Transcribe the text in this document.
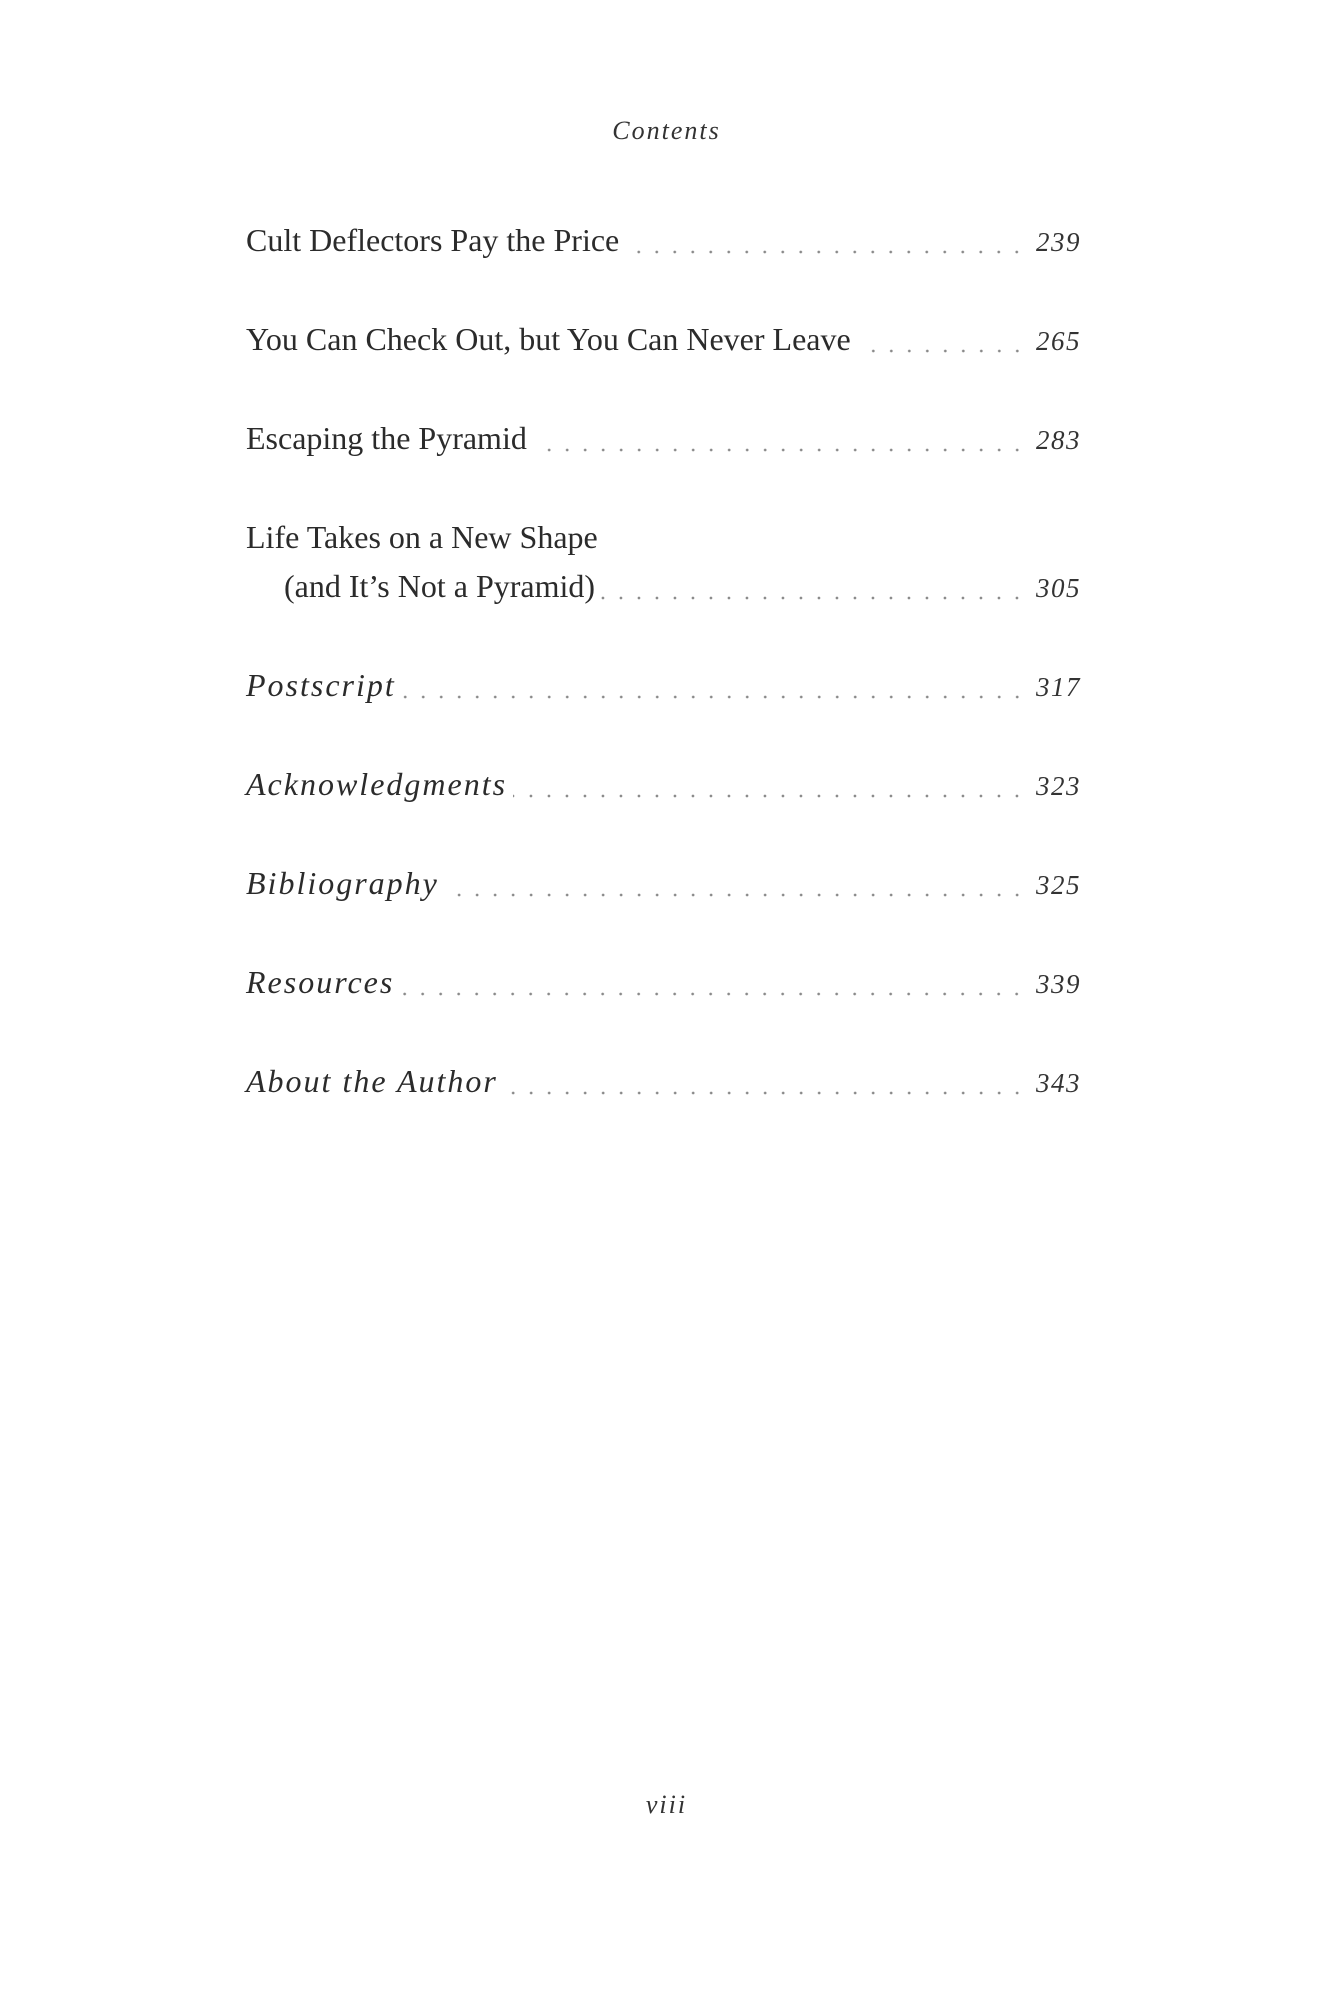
Contents
Cult Deflectors Pay the Price	239
You Can Check Out, but You Can Never Leave	265
Escaping the Pyramid	283
Life Takes on a New Shape
(and It’s Not a Pyramid)	305
Postscript	317
Acknowledgments	323
Bibliography	325
Resources	339
About the Author	343
viii
